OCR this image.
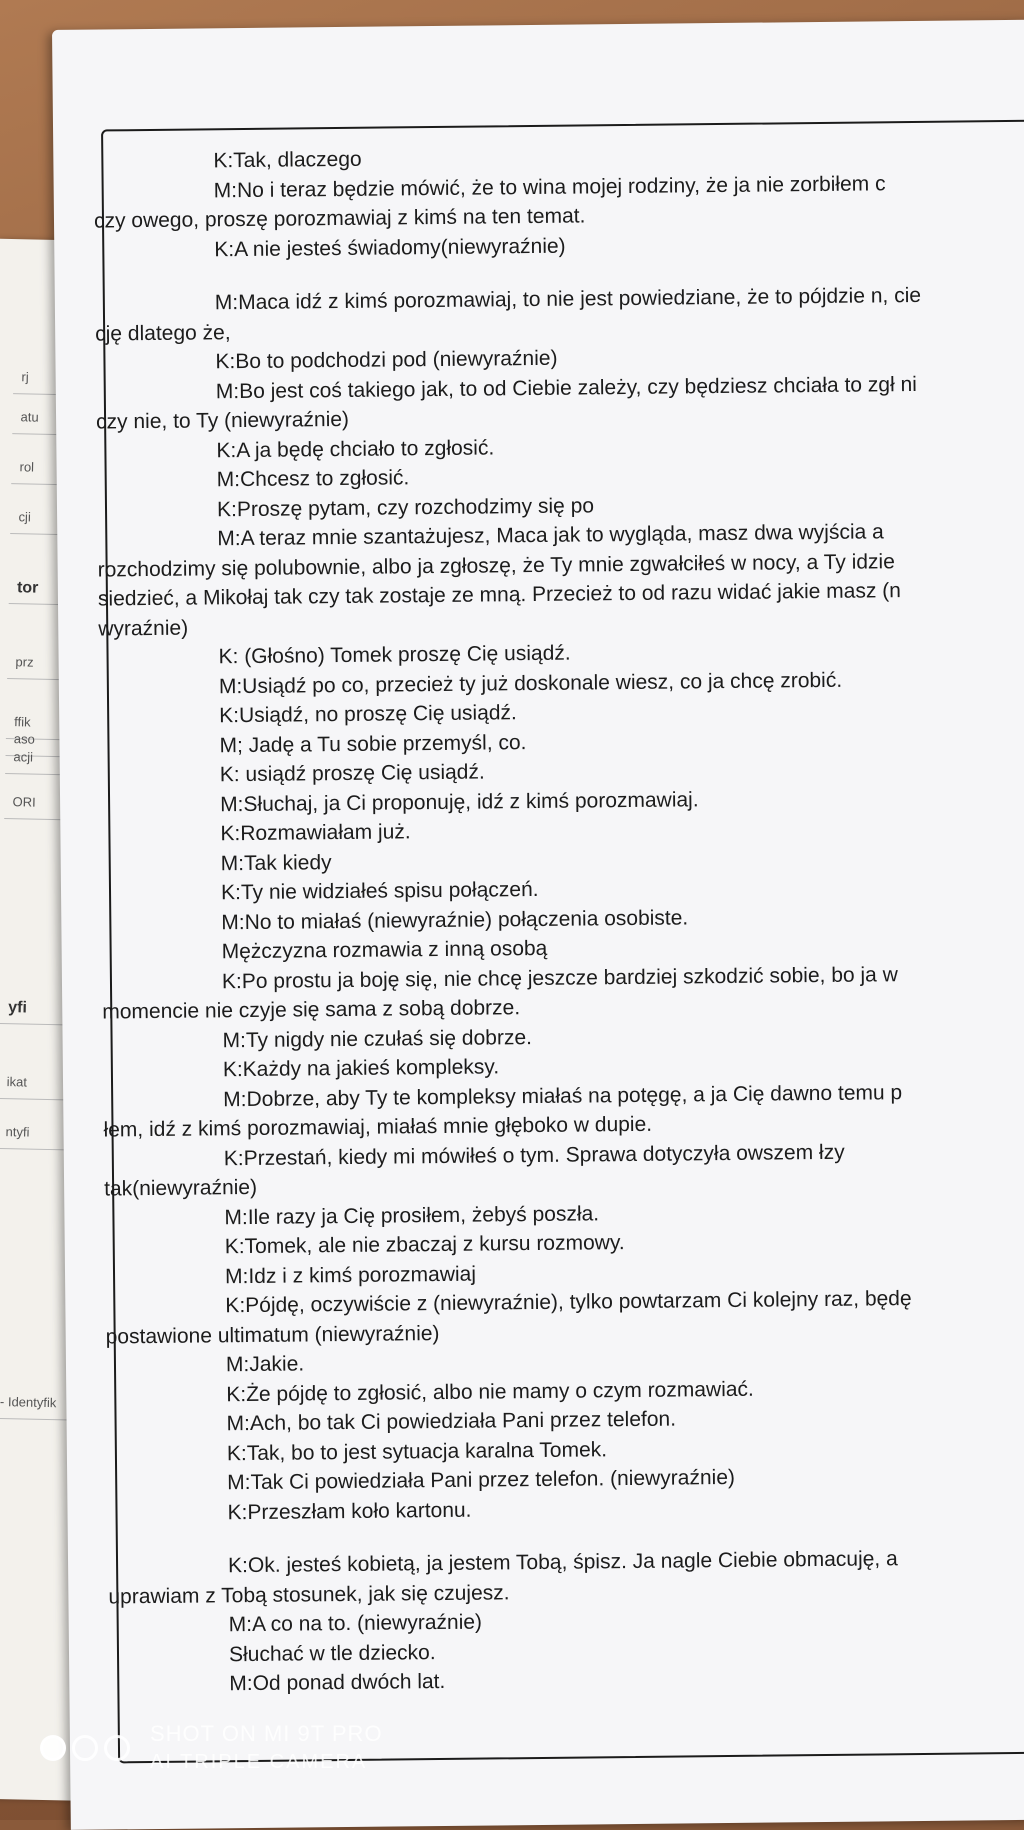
rj
atu
rol
cji
tor
prz
ffik
aso
acji
ORI
yfi
ikat
ntyfi
- Identyfik
K:Tak, dlaczego
M:No i teraz będzie mówić, że to wina mojej rodziny, że ja nie zorbiłem c
czy owego, proszę porozmawiaj z kimś na ten temat.
K:A nie jesteś świadomy(niewyraźnie)
M:Maca idź z kimś porozmawiaj, to nie jest powiedziane, że to pójdzie n, cie
cję dlatego że,
K:Bo to podchodzi pod (niewyraźnie)
M:Bo jest coś takiego jak, to od Ciebie zależy, czy będziesz chciała to zgł ni
czy nie, to Ty (niewyraźnie)
K:A ja będę chciało to zgłosić.
M:Chcesz to zgłosić.
K:Proszę pytam, czy rozchodzimy się po
M:A teraz mnie szantażujesz, Maca jak to wygląda, masz dwa wyjścia a
rozchodzimy się polubownie, albo ja zgłoszę, że Ty mnie zgwałciłeś w nocy, a Ty idzie
siedzieć, a Mikołaj tak czy tak zostaje ze mną. Przecież to od razu widać jakie masz (n
wyraźnie)
K: (Głośno) Tomek proszę Cię usiądź.
M:Usiądź po co, przecież ty już doskonale wiesz, co ja chcę zrobić.
K:Usiądź, no proszę Cię usiądź.
M; Jadę a Tu sobie przemyśl, co.
K: usiądź proszę Cię usiądź.
M:Słuchaj, ja Ci proponuję, idź z kimś porozmawiaj.
K:Rozmawiałam już.
M:Tak kiedy
K:Ty nie widziałeś spisu połączeń.
M:No to miałaś (niewyraźnie) połączenia osobiste.
Mężczyzna rozmawia z inną osobą
K:Po prostu ja boję się, nie chcę jeszcze bardziej szkodzić sobie, bo ja w
momencie nie czyje się sama z sobą dobrze.
M:Ty nigdy nie czułaś się dobrze.
K:Każdy na jakieś kompleksy.
M:Dobrze, aby Ty te kompleksy miałaś na potęgę, a ja Cię dawno temu p
łem, idź z kimś porozmawiaj, miałaś mnie głęboko w dupie.
K:Przestań, kiedy mi mówiłeś o tym. Sprawa dotyczyła owszem łzy
tak(niewyraźnie)
M:Ile razy ja Cię prosiłem, żebyś poszła.
K:Tomek, ale nie zbaczaj z kursu rozmowy.
M:Idz i z kimś porozmawiaj
K:Pójdę, oczywiście z (niewyraźnie), tylko powtarzam Ci kolejny raz, będę
postawione ultimatum (niewyraźnie)
M:Jakie.
K:Że pójdę to zgłosić, albo nie mamy o czym rozmawiać.
M:Ach, bo tak Ci powiedziała Pani przez telefon.
K:Tak, bo to jest sytuacja karalna Tomek.
M:Tak Ci powiedziała Pani przez telefon. (niewyraźnie)
K:Przeszłam koło kartonu.
K:Ok. jesteś kobietą, ja jestem Tobą, śpisz. Ja nagle Ciebie obmacuję, a
uprawiam z Tobą stosunek, jak się czujesz.
M:A co na to. (niewyraźnie)
Słuchać w tle dziecko.
M:Od ponad dwóch lat.
SHOT ON MI 9T PRO
AI TRIPLE CAMERA
